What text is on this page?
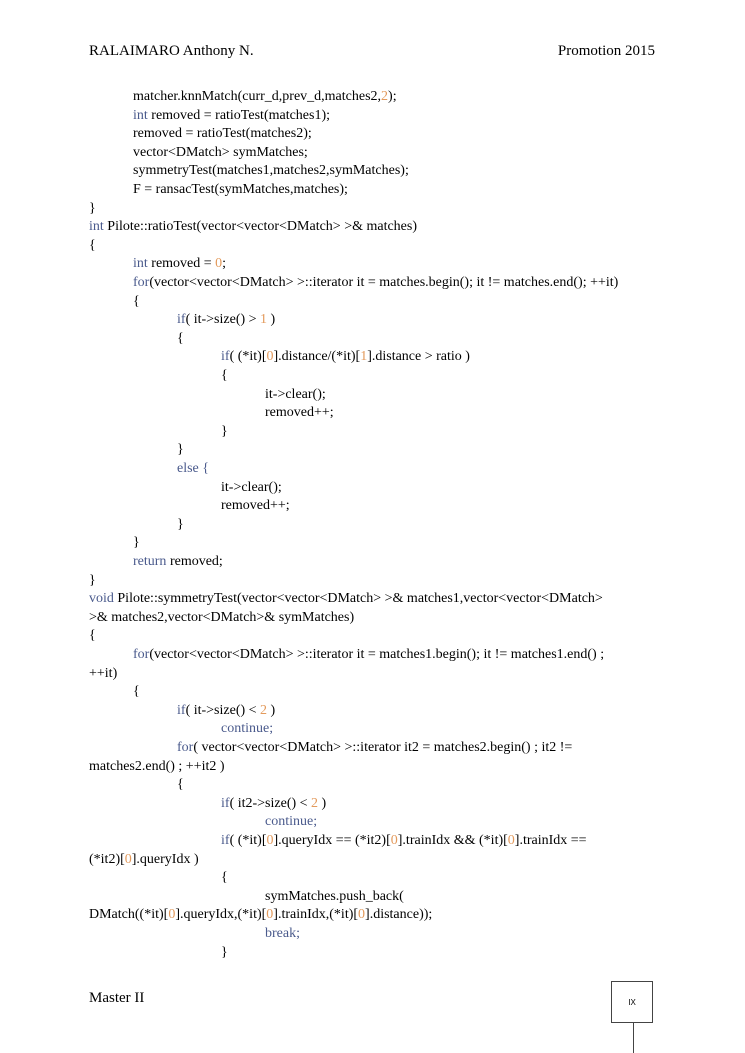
RALAIMARO Anthony N.	Promotion 2015
matcher.knnMatch(curr_d,prev_d,matches2,2);
int removed = ratioTest(matches1);
removed = ratioTest(matches2);
vector<DMatch> symMatches;
symmetryTest(matches1,matches2,symMatches);
F = ransacTest(symMatches,matches);
}
int Pilote::ratioTest(vector<vector<DMatch> >& matches)
{
int removed = 0;
for(vector<vector<DMatch> >::iterator it = matches.begin(); it != matches.end(); ++it)
{
if( it->size() > 1 )
{
if( (*it)[0].distance/(*it)[1].distance > ratio )
{
it->clear();
removed++;
}
}
else {
it->clear();
removed++;
}
}
return removed;
}
void Pilote::symmetryTest(vector<vector<DMatch> >& matches1,vector<vector<DMatch>
>& matches2,vector<DMatch>& symMatches)
{
for(vector<vector<DMatch> >::iterator it = matches1.begin(); it != matches1.end() ;
++it)
{
if( it->size() < 2 )
continue;
for( vector<vector<DMatch> >::iterator it2 = matches2.begin() ; it2 !=
matches2.end() ; ++it2 )
{
if( it2->size() < 2 )
continue;
if( (*it)[0].queryIdx == (*it2)[0].trainIdx && (*it)[0].trainIdx ==
(*it2)[0].queryIdx )
{
symMatches.push_back(
DMatch((*it)[0].queryIdx,(*it)[0].trainIdx,(*it)[0].distance));
break;
}
Master II	IX
